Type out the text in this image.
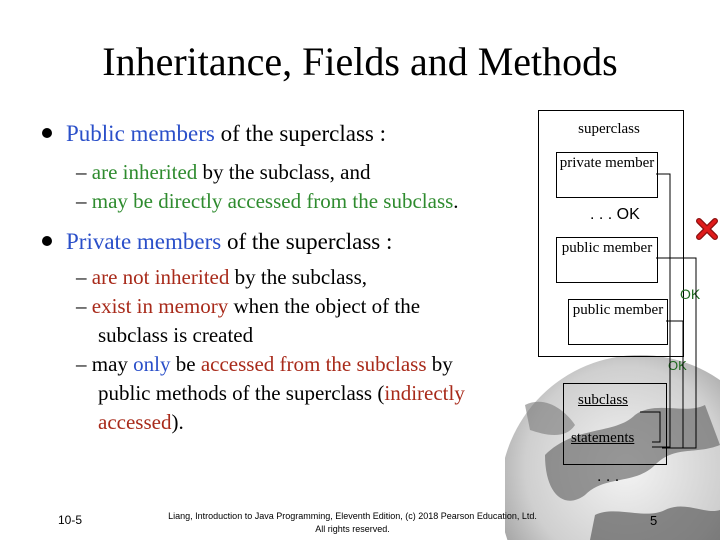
Inheritance, Fields and Methods
Public members of the superclass :
– are inherited by the subclass, and
– may be directly accessed from the subclass.
Private members of the superclass :
– are not inherited by the subclass,
– exist in memory when the object of the
subclass is created
– may only be accessed from the subclass by
public methods of the superclass (indirectly
accessed).
superclass
private member
. . . OK
public member
public member
OK
OK
subclass
statements
. . .
10-5	Liang, Introduction to Java Programming, Eleventh Edition, (c) 2018 Pearson Education, Ltd.
All rights reserved.
5
